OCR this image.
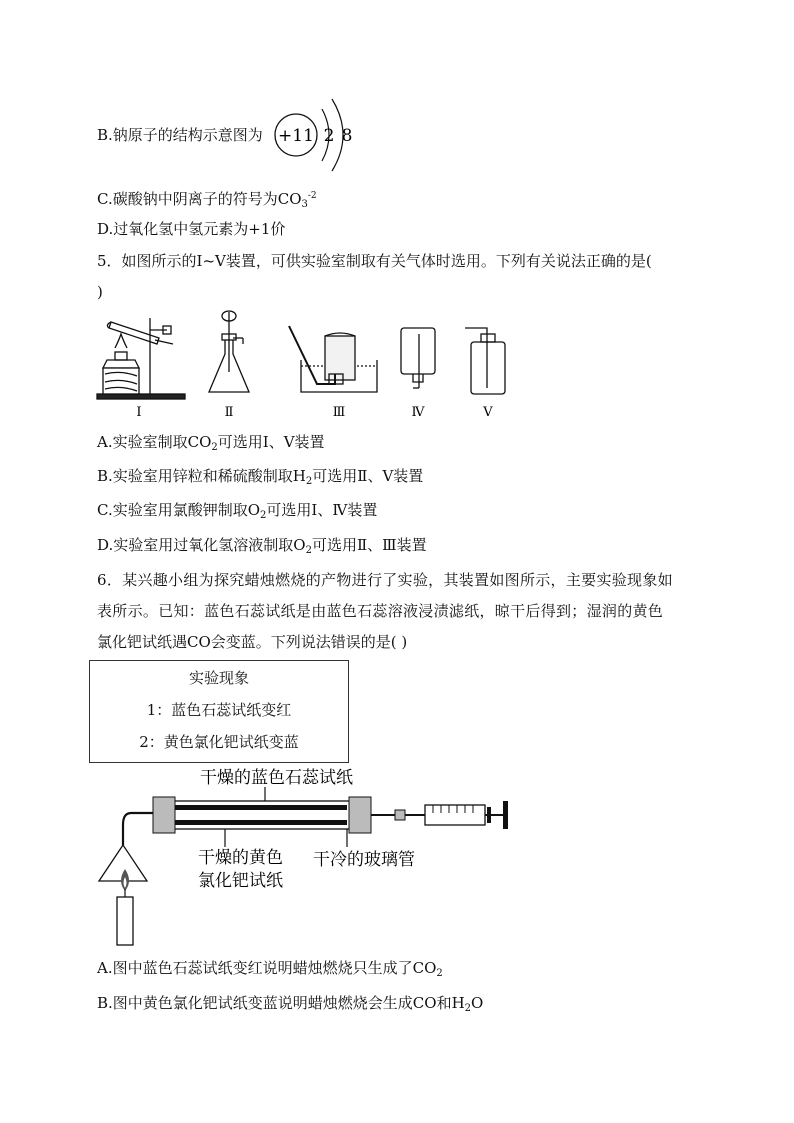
B.钠原子的结构示意图为 +11 2 8
C.碳酸钠中阴离子的符号为$CO_3^{-2}$
D.过氧化氢中氢元素为+1价
5．如图所示的Ⅰ~Ⅴ装置，可供实验室制取有关气体时选用。下列有关说法正确的是(
)
Ⅰ	Ⅱ	Ⅲ	Ⅳ	Ⅴ
A.实验室制取$CO_2$可选用Ⅰ、Ⅴ装置
B.实验室用锌粒和稀硫酸制取$H_2$可选用Ⅱ、Ⅴ装置
C.实验室用氯酸钾制取$O_2$可选用Ⅰ、Ⅳ装置
D.实验室用过氧化氢溶液制取$O_2$可选用Ⅱ、Ⅲ装置
6．某兴趣小组为探究蜡烛燃烧的产物进行了实验，其装置如图所示，主要实验现象如
表所示。已知：蓝色石蕊试纸是由蓝色石蕊溶液浸渍滤纸，晾干后得到；湿润的黄色
氯化钯试纸遇CO会变蓝。下列说法错误的是( )
实验现象
1：蓝色石蕊试纸变红
2：黄色氯化钯试纸变蓝
干燥的蓝色石蕊试纸
干燥的黄色
氯化钯试纸
干冷的玻璃管
A.图中蓝色石蕊试纸变红说明蜡烛燃烧只生成了$CO_2$
B.图中黄色氯化钯试纸变蓝说明蜡烛燃烧会生成CO和$H_2O$
